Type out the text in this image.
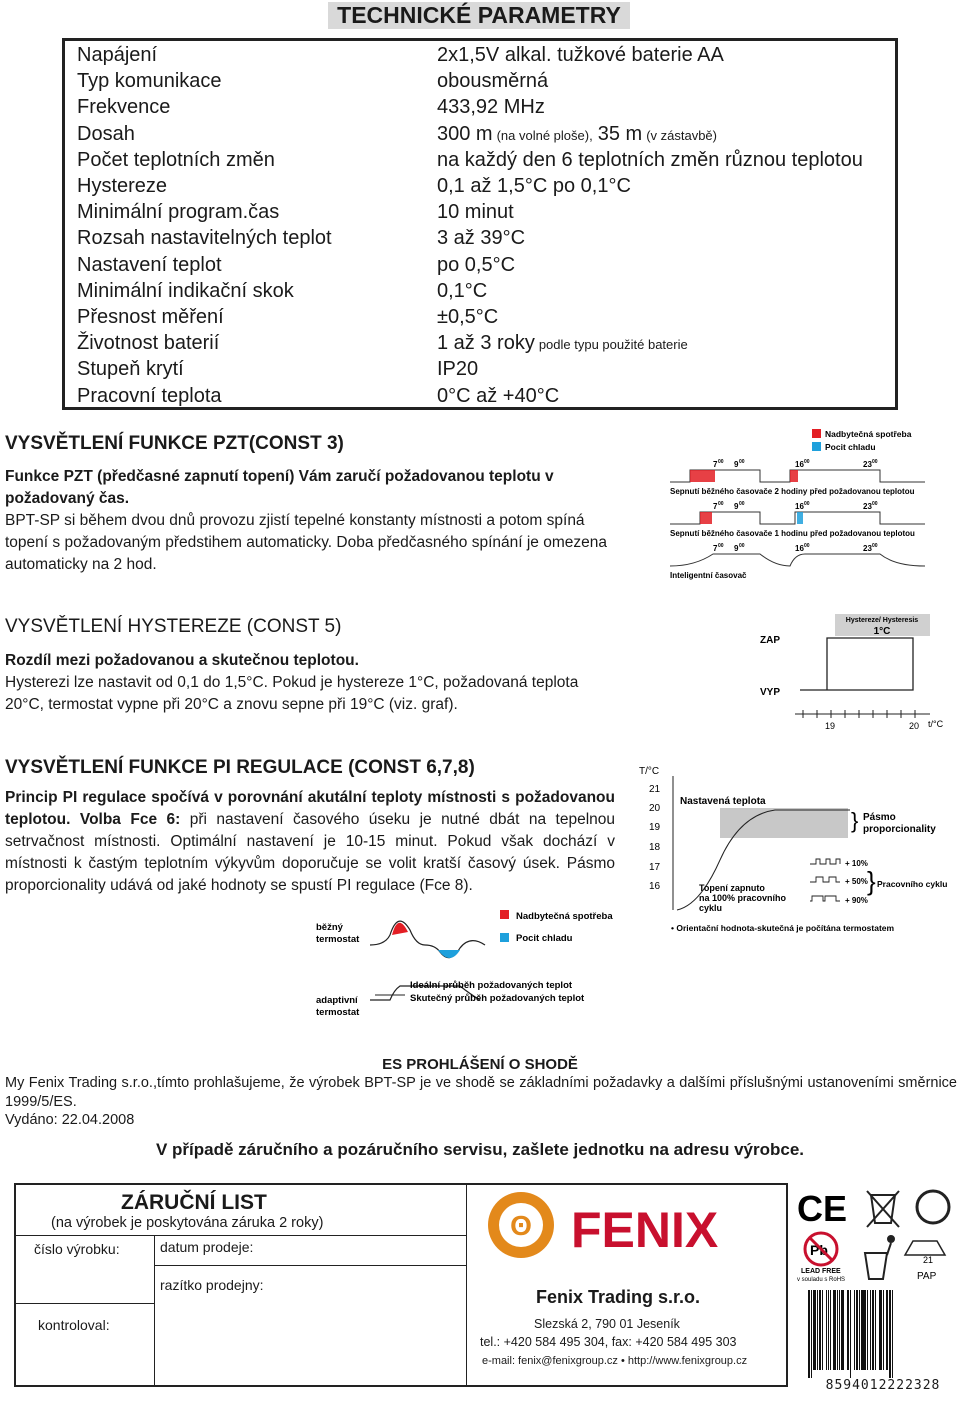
TECHNICKÉ PARAMETRY
Napájení	2x1,5V alkal. tužkové baterie AA
Typ komunikace	obousměrná
Frekvence	433,92 MHz
Dosah	300 m (na volné ploše), 35 m (v zástavbě)
Počet teplotních změn	na každý den 6 teplotních změn různou teplotou
Hystereze	0,1 až 1,5°C po 0,1°C
Minimální program.čas	10 minut
Rozsah nastavitelných teplot	3 až 39°C
Nastavení teplot	po 0,5°C
Minimální indikační skok	0,1°C
Přesnost měření	±0,5°C
Životnost baterií	1 až 3 roky podle typu použité baterie
Stupeň krytí	IP20
Pracovní teplota	0°C až +40°C
VYSVĚTLENÍ FUNKCE PZT(CONST 3)
Funkce PZT (předčasné zapnutí topení) Vám zaručí požadovanou teplotu v požadovaný čas.
BPT-SP si během dvou dnů provozu zjistí tepelné konstanty místnosti a potom spíná topení s požadovaným předstihem automaticky. Doba předčasného spínání je omezena automaticky na 2 hod.
Nadbytečná spotřeba
Pocit chladu
7 00 9 00	16 00	23 00
Sepnutí běžného časovače 2 hodiny před požadovanou teplotou
7 00 9 00	16 00	23 00
Sepnutí běžného časovače 1 hodinu před požadovanou teplotou
7 00 9 00	16 00	23 00
Inteligentní časovač
VYSVĚTLENÍ HYSTEREZE (CONST 5)
Rozdíl mezi požadovanou a skutečnou teplotou.
Hysterezi lze nastavit od 0,1 do 1,5°C. Pokud je hystereze 1°C, požadovaná teplota 20°C, termostat vypne při 20°C a znovu sepne při 19°C (viz. graf).
Hystereze/ Hysteresis
1°C
ZAP
VYP
19	20 t/°C
VYSVĚTLENÍ FUNKCE PI REGULACE (CONST 6,7,8)
Princip PI regulace spočívá v porovnání akutální teploty místnosti s požadovanou teplotou. Volba Fce 6: při nastavení časového úseku je nutné dbát na tepelnou setrvačnost místnosti. Optimální nastavení je 10-15 minut. Pokud však dochází v místnosti k častým teplotním výkyvům doporučuje se volit kratší časový úsek. Pásmo proporcionality udává od jaké hodnoty se spustí PI regulace (Fce 8).
T/°C
21
20
19
18
17
16
Nastavená teplota
} Pásmo
proporcionality
+ 10%
+ 50%
+ 90%
} Pracovního cyklu
Topení zapnuto
na 100% pracovního
cyklu
• Orientační hodnota-skutečná je počítána termostatem
běžný
termostat
Nadbytečná spotřeba
Pocit chladu
adaptivní
termostat
Ideální průběh požadovaných teplot
Skutečný průběh požadovaných teplot
ES PROHLÁŠENÍ O SHODĚ
My Fenix Trading s.r.o.,tímto prohlašujeme, že výrobek BPT-SP je ve shodě se základními požadavky a dalšími příslušnými ustanoveními směrnice 1999/5/ES.
Vydáno: 22.04.2008
V případě záručního a pozáručního servisu, zašlete jednotku na adresu výrobce.
ZÁRUČNÍ LIST
(na výrobek je poskytována záruka 2 roky)
číslo výrobku:	datum prodeje:
razítko prodejny:
kontroloval:
ʘ FENIX
Fenix Trading s.r.o.
Slezská 2, 790 01 Jeseník
tel.: +420 584 495 304, fax: +420 584 495 303
e-mail: fenix@fenixgroup.cz • http://www.fenixgroup.cz
CE
Pb
LEAD FREE
v souladu s RoHS
21
PAP
8594012222328
